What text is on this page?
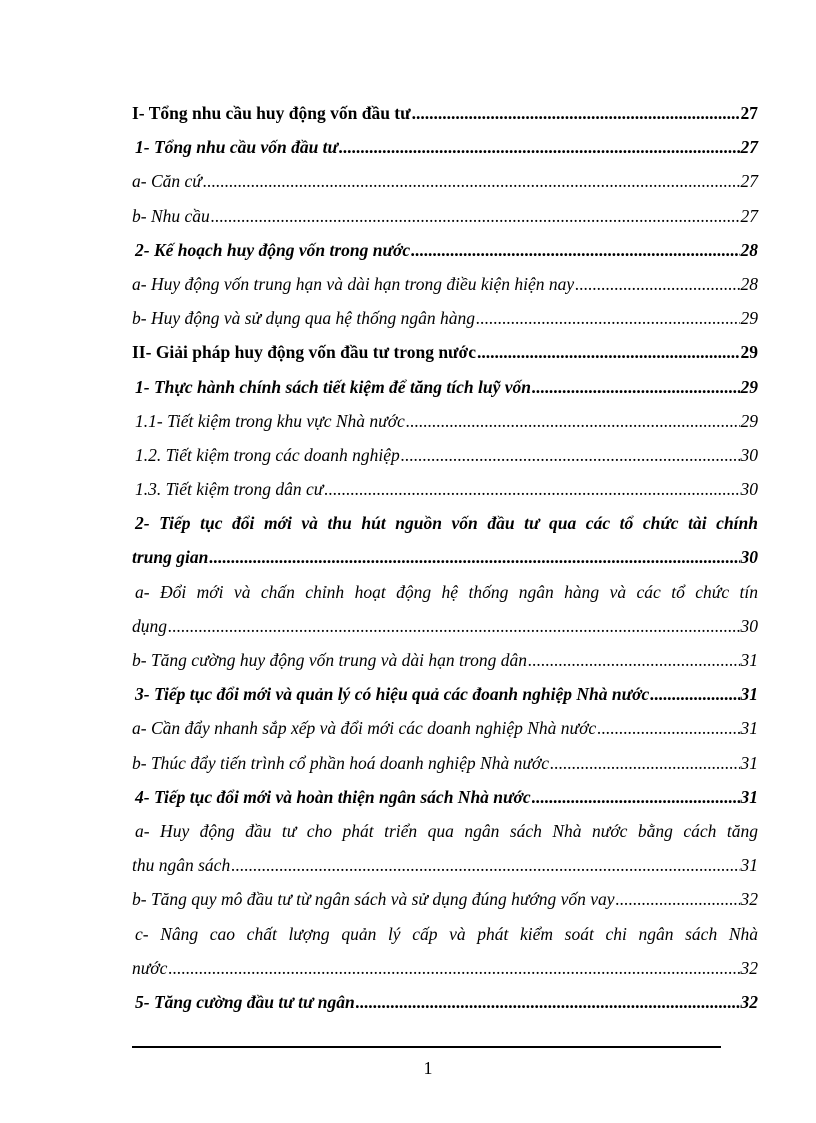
I- Tổng nhu cầu huy động vốn đầu tư .....	27
1- Tổng nhu cầu vốn đầu tư .....	27
a- Căn cứ .....	27
b- Nhu cầu .....	27
2- Kế hoạch huy động vốn trong nước .....	28
a- Huy động vốn trung hạn và dài hạn trong điều kiện hiện nay .....	28
b- Huy động và sử dụng qua hệ thống ngân hàng .....	29
II- Giải pháp huy động vốn đầu tư trong nước .....	29
1- Thực hành chính sách tiết kiệm để tăng tích luỹ vốn .....	29
1.1- Tiết kiệm trong khu vực Nhà nước .....	29
1.2. Tiết kiệm trong các doanh nghiệp .....	30
1.3. Tiết kiệm trong dân cư .....	30
2- Tiếp tục đổi mới và thu hút nguồn vốn đầu tư qua các tổ chức tài chính
trung gian .....	30
a- Đổi mới và chấn chỉnh hoạt động hệ thống ngân hàng và các tổ chức tín
dụng .....	30
b- Tăng cường huy động vốn trung và dài hạn trong dân .....	31
3- Tiếp tục đổi mới và quản lý có hiệu quả các đoanh nghiệp Nhà nước .....	31
a- Cần đẩy nhanh sắp xếp và đổi mới các doanh nghiệp Nhà nước .....	31
b- Thúc đẩy tiến trình cổ phần hoá doanh nghiệp Nhà nước .....	31
4- Tiếp tục đổi mới và hoàn thiện ngân sách Nhà nước .....	31
a- Huy động đầu tư cho phát triển qua ngân sách Nhà nước bằng cách tăng
thu ngân sách .....	31
b- Tăng quy mô đầu tư từ ngân sách và sử dụng đúng hướng vốn vay .....	32
c- Nâng cao chất lượng quản lý cấp và phát kiểm soát chi ngân sách Nhà
nước .....	32
5- Tăng cường đầu tư tư ngân .....	32
1
